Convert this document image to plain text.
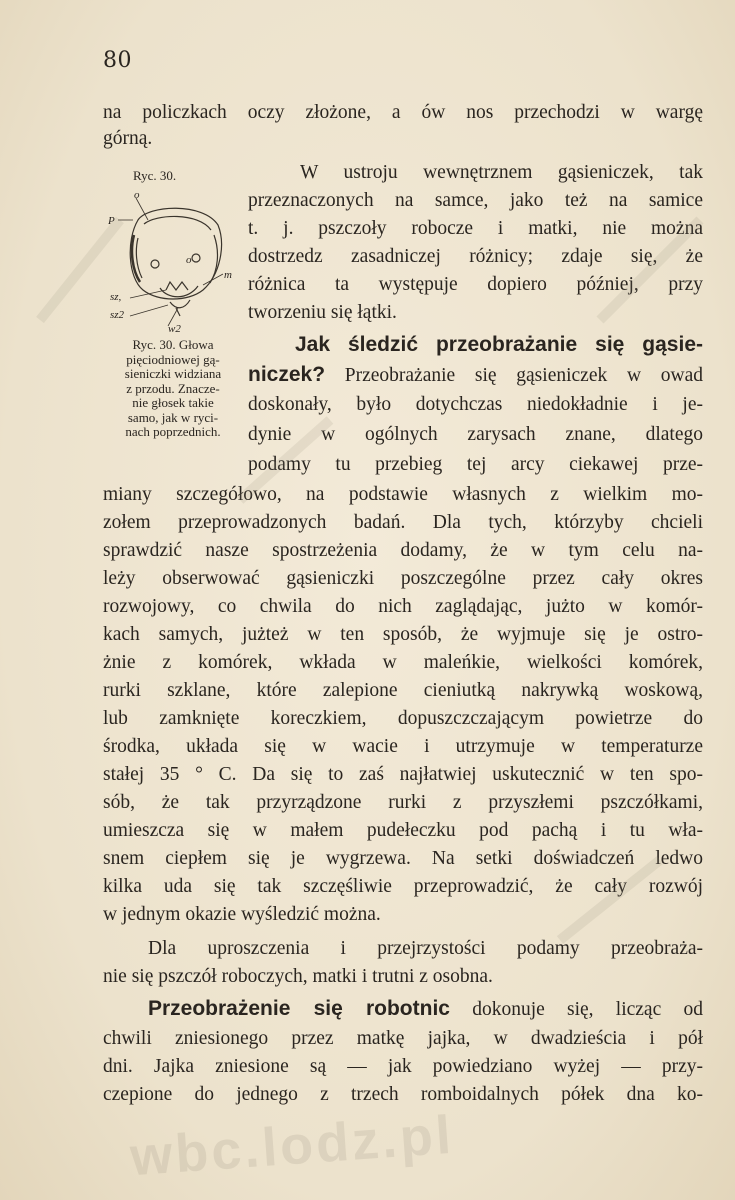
80
na policzkach oczy złożone, a ów nos przechodzi w wargę
górną.
Ryc. 30.
o
P
o
m
sz,
sz2
w2
Ryc. 30. Głowa
pięciodniowej gą-
sieniczki widziana
z przodu. Znacze-
nie głosek takie
samo, jak w ryci-
nach poprzednich.
W ustroju wewnętrznem gąsieniczek, tak
przeznaczonych na samce, jako też na samice
t. j. pszczoły robocze i matki, nie można
dostrzedz zasadniczej różnicy; zdaje się, że
różnica ta występuje dopiero później, przy
tworzeniu się łątki.
Jak śledzić przeobrażanie się gąsie-
niczek? Przeobrażanie się gąsieniczek w owad
doskonały, było dotychczas niedokładnie i je-
dynie w ogólnych zarysach znane, dlatego
podamy tu przebieg tej arcy ciekawej prze-
miany szczegółowo, na podstawie własnych z wielkim mo-
zołem przeprowadzonych badań. Dla tych, którzyby chcieli
sprawdzić nasze spostrzeżenia dodamy, że w tym celu na-
leży obserwować gąsieniczki poszczególne przez cały okres
rozwojowy, co chwila do nich zaglądając, jużto w komór-
kach samych, jużteż w ten sposób, że wyjmuje się je ostro-
żnie z komórek, wkłada w maleńkie, wielkości komórek,
rurki szklane, które zalepione cieniutką nakrywką woskową,
lub zamknięte koreczkiem, dopuszczczającym powietrze do
środka, układa się w wacie i utrzymuje w temperaturze
stałej 35 ° C. Da się to zaś najłatwiej uskutecznić w ten spo-
sób, że tak przyrządzone rurki z przyszłemi pszczółkami,
umieszcza się w małem pudełeczku pod pachą i tu wła-
snem ciepłem się je wygrzewa. Na setki doświadczeń ledwo
kilka uda się tak szczęśliwie przeprowadzić, że cały rozwój
w jednym okazie wyśledzić można.
Dla uproszczenia i przejrzystości podamy przeobraża-
nie się pszczół roboczych, matki i trutni z osobna.
Przeobrażenie się robotnic dokonuje się, licząc od
chwili zniesionego przez matkę jajka, w dwadzieścia i pół
dni. Jajka zniesione są — jak powiedziano wyżej — przy-
czepione do jednego z trzech romboidalnych półek dna ko-
wbc.lodz.pl
